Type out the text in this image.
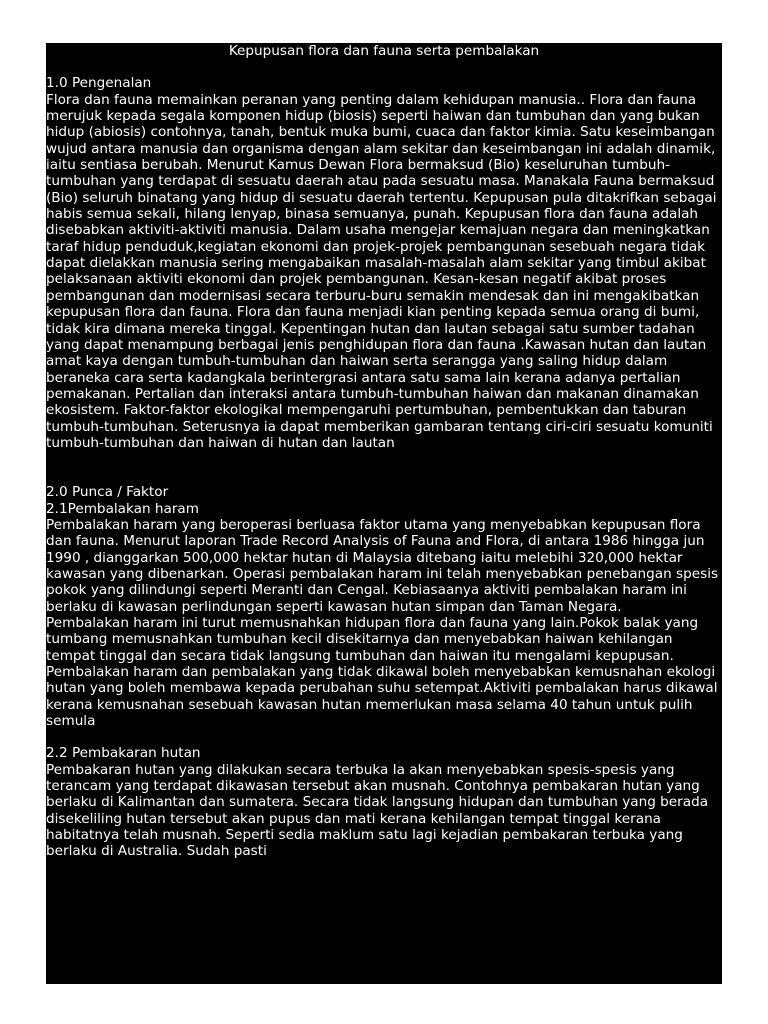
Kepupusan flora dan fauna serta pembalakan

1.0 Pengenalan

Flora dan fauna memainkan peranan yang penting dalam kehidupan manusia.. Flora dan fauna merujuk kepada segala komponen hidup (biosis) seperti haiwan dan tumbuhan dan yang bukan hidup (abiosis) contohnya, tanah, bentuk muka bumi, cuaca dan faktor kimia. Satu keseimbangan wujud antara manusia dan organisma dengan alam sekitar dan keseimbangan ini adalah dinamik, iaitu sentiasa berubah. Menurut Kamus Dewan Flora bermaksud (Bio) keseluruhan tumbuh-tumbuhan yang terdapat di sesuatu daerah atau pada sesuatu masa. Manakala Fauna bermaksud (Bio) seluruh binatang yang hidup di sesuatu daerah tertentu. Kepupusan pula ditakrifkan sebagai habis semua sekali, hilang lenyap, binasa semuanya, punah. Kepupusan flora dan fauna adalah disebabkan aktiviti-aktiviti manusia. Dalam usaha mengejar kemajuan negara dan meningkatkan taraf hidup penduduk,kegiatan ekonomi dan projek-projek pembangunan sesebuah negara tidak dapat dielakkan manusia sering mengabaikan masalah-masalah alam sekitar yang timbul akibat pelaksanaan aktiviti ekonomi dan projek pembangunan. Kesan-kesan negatif akibat proses pembangunan dan modernisasi secara terburu-buru semakin mendesak dan ini mengakibatkan kepupusan flora dan fauna. Flora dan fauna menjadi kian penting kepada semua orang di bumi, tidak kira dimana mereka tinggal. Kepentingan hutan dan lautan sebagai satu sumber tadahan yang dapat menampung berbagai jenis penghidupan flora dan fauna .Kawasan hutan dan lautan amat kaya dengan tumbuh-tumbuhan dan haiwan serta serangga yang saling hidup dalam beraneka cara serta kadangkala berintergrasi antara satu sama lain kerana adanya pertalian pemakanan. Pertalian dan interaksi antara tumbuh-tumbuhan haiwan dan makanan dinamakan ekosistem. Faktor-faktor ekologikal mempengaruhi pertumbuhan, pembentukkan dan taburan tumbuh-tumbuhan. Seterusnya ia dapat memberikan gambaran tentang ciri-ciri sesuatu komuniti tumbuh-tumbuhan dan haiwan di hutan dan lautan

2.0 Punca / Faktor

2.1Pembalakan haram

Pembalakan haram yang beroperasi berluasa faktor utama yang menyebabkan kepupusan flora dan fauna. Menurut laporan Trade Record Analysis of Fauna and Flora, di antara 1986 hingga jun 1990 , dianggarkan 500,000 hektar hutan di Malaysia ditebang iaitu melebihi 320,000 hektar kawasan yang dibenarkan. Operasi pembalakan haram ini telah menyebabkan penebangan spesis pokok yang dilindungi seperti Meranti dan Cengal. Kebiasaanya aktiviti pembalakan haram ini berlaku di kawasan perlindungan seperti kawasan hutan simpan dan Taman Negara.

Pembalakan haram ini turut memusnahkan hidupan flora dan fauna yang lain.Pokok balak yang tumbang memusnahkan tumbuhan kecil disekitarnya dan menyebabkan haiwan kehilangan tempat tinggal dan secara tidak langsung tumbuhan dan haiwan itu mengalami kepupusan.

Pembalakan haram dan pembalakan yang tidak dikawal boleh menyebabkan kemusnahan ekologi hutan yang boleh membawa kepada perubahan suhu setempat.Aktiviti pembalakan harus dikawal kerana kemusnahan sesebuah kawasan hutan memerlukan masa selama 40 tahun untuk pulih semula

2.2 Pembakaran hutan

Pembakaran hutan yang dilakukan secara terbuka Ia akan menyebabkan spesis-spesis yang terancam yang terdapat dikawasan tersebut akan musnah. Contohnya pembakaran hutan yang berlaku di Kalimantan dan sumatera. Secara tidak langsung hidupan dan tumbuhan yang berada disekeliling hutan tersebut akan pupus dan mati kerana kehilangan tempat tinggal kerana habitatnya telah musnah. Seperti sedia maklum satu lagi kejadian pembakaran terbuka yang berlaku di Australia. Sudah pasti
